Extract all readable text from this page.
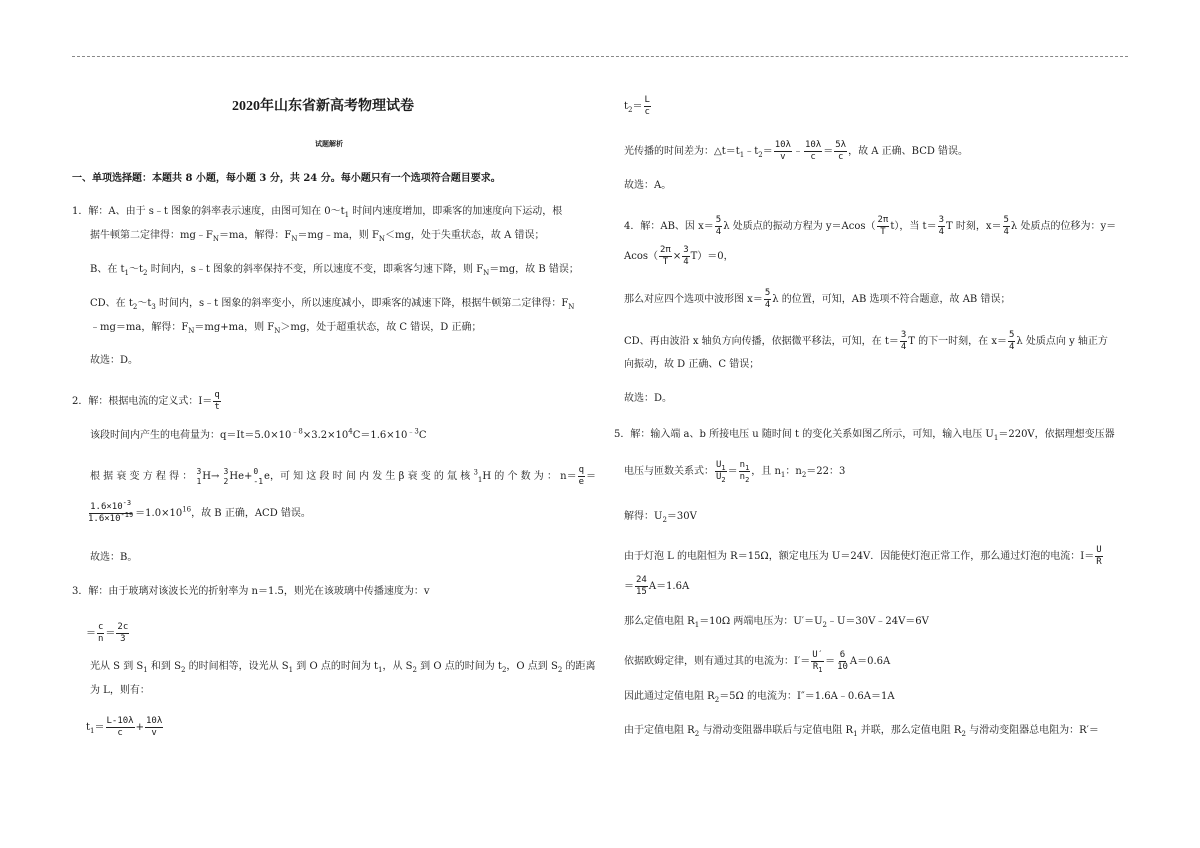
2020年山东省新高考物理试卷
试题解析
一、单项选择题：本题共 8 小题，每小题 3 分，共 24 分。每小题只有一个选项符合题目要求。
1．解：A、由于 s﹣t 图象的斜率表示速度，由图可知在 $0\sim t_1$ 时间内速度增加，即乘客的加速度向下运动，根
据牛顿第二定律得：$mg﹣F_N=ma$，解得：$F_N=mg﹣ma$，则 $F_N<mg$，处于失重状态，故 A 错误；
B、在 $t_1\sim t_2$ 时间内，s﹣t 图象的斜率保持不变，所以速度不变，即乘客匀速下降，则 $F_N=mg$，故 B 错误；
CD、在 $t_2\sim t_3$ 时间内，s﹣t 图象的斜率变小，所以速度减小，即乘客的减速下降，根据牛顿第二定律得：$F_N$
﹣mg＝ma，解得：$F_N=mg+ma$，则 $F_N>mg$，处于超重状态，故 C 错误，D 正确；
故选：D。
2．解：根据电流的定义式：$I= \frac{q}{t}$
该段时间内产生的电荷量为：$q=It=5.0\times 10^{﹣8}\times 3.2\times 10^4C=1.6\times 10^{﹣3}C$
根 据 衰 变 方 程 得 ： 3
1 H→ 3
2 He+ 0
-1 e，可 知 这 段 时 间 内 发 生 β 衰 变 的 氚 核 $^3_1$H 的 个 数 为 ： $n= \frac{q}{e}$ ＝
$\frac{1.6\times 10^{-3}}{1.6\times 10^{-19}} =1.0\times 10^{16}$，故 B 正确，ACD 错误。
故选：B。
3．解：由于玻璃对该波长光的折射率为 n＝1.5，则光在该玻璃中传播速度为：v
＝ $\frac{c}{n} = \frac{2c}{3}$
光从 S 到 $S_1$ 和到 $S_2$ 的时间相等，设光从 $S_1$ 到 O 点的时间为 $t_1$，从 $S_2$ 到 O 点的时间为 $t_2$，O 点到 $S_2$ 的距离
为 L，则有：
$t_1= \frac{L-10\lambda}{c} + \frac{10\lambda}{v}$
$t_2= \frac{L}{c}$
光传播的时间差为：$\triangle t=t_1﹣t_2= \frac{10\lambda}{v}$ ﹣ $\frac{10\lambda}{c} = \frac{5\lambda}{c}$ ，故 A 正确、BCD 错误。
故选：A。
4．解：AB、因 $x= \frac{5}{4}$ λ 处质点的振动方程为 $y=Acos( \frac{2\pi}{T} t)$，当 $t= \frac{3}{4}$ T 时刻，$x= \frac{5}{4}$ λ 处质点的位移为：y＝
$Acos( \frac{2\pi}{T} \times \frac{3}{4} T)=0$，
那么对应四个选项中波形图 $x= \frac{5}{4}$ λ 的位置，可知，AB 选项不符合题意，故 AB 错误；
CD、再由波沿 x 轴负方向传播，依据微平移法，可知，在 $t= \frac{3}{4}$ T 的下一时刻，在 $x= \frac{5}{4}$ λ 处质点向 y 轴正方
向振动，故 D 正确、C 错误；
故选：D。
5．解：输入端 a、b 所接电压 u 随时间 t 的变化关系如图乙所示，可知，输入电压 $U_1=220V$，依据理想变压器
电压与匝数关系式： $\frac{U_1}{U_2} = \frac{n_1}{n_2}$ ，且 $n_1$：$n_2=22$：3
解得：$U_2=30V$
由于灯泡 L 的电阻恒为 R＝15Ω，额定电压为 U＝24V．因能使灯泡正常工作，那么通过灯泡的电流：$I= \frac{U}{R}$
＝ $\frac{24}{15} A=1.6A$
那么定值电阻 $R_1=10\Omega$ 两端电压为：$U'=U_2﹣U=30V﹣24V=6V$
依据欧姆定律，则有通过其的电流为：$I'= \frac{U'}{R_1} = \frac{6}{10} A=0.6A$
因此通过定值电阻 $R_2=5\Omega$ 的电流为：I″＝1.6A﹣0.6A＝1A
由于定值电阻 $R_2$ 与滑动变阻器串联后与定值电阻 $R_1$ 并联，那么定值电阻 $R_2$ 与滑动变阻器总电阻为：R′＝
